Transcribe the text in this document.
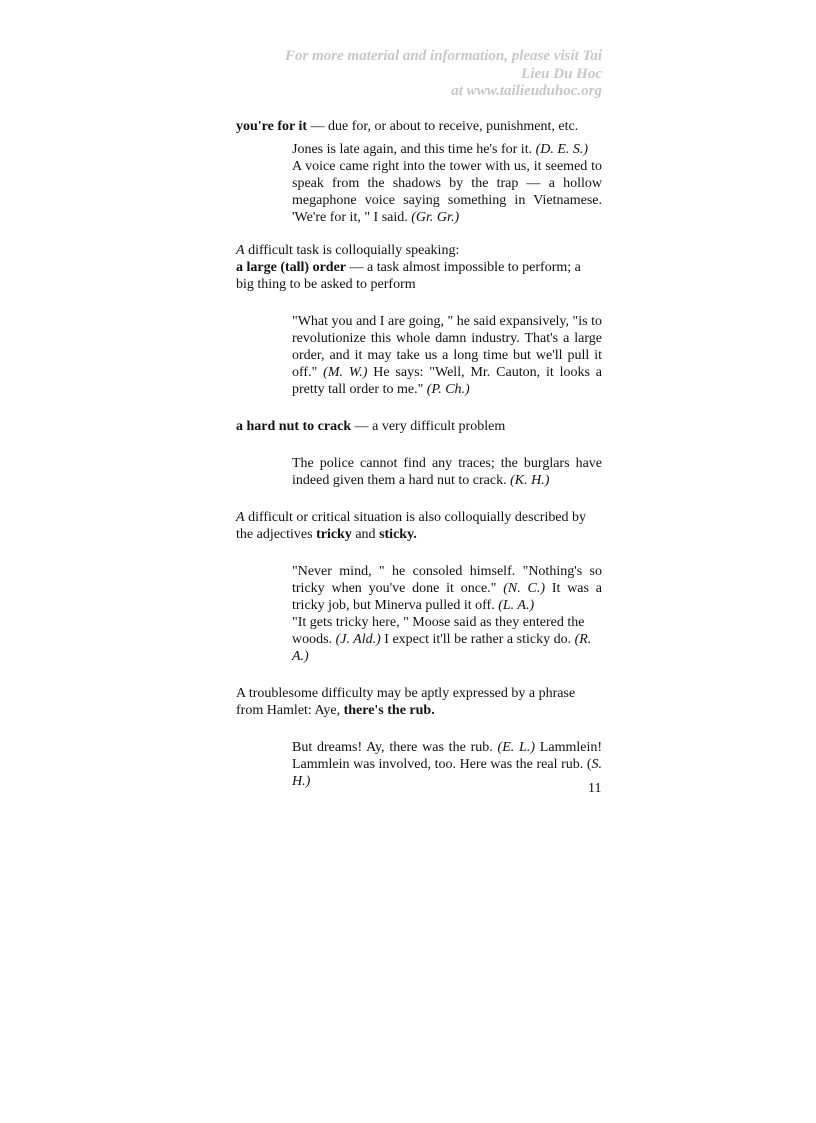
For more material and information, please visit Tai
Lieu Du Hoc
at www.tailieuduhoc.org

you're for it — due for, or about to receive, punishment, etc.

Jones is late again, and this time he's for it. (D. E. S.)

A voice came right into the tower with us, it seemed to speak from the shadows by the trap — a hollow megaphone voice saying something in Vietnamese. 'We're for it, " I said. (Gr. Gr.)

A difficult task is colloquially speaking:

a large (tall) order — a task almost impossible to perform; a big thing to be asked to perform

"What you and I are going, " he said expansively, "is to revolutionize this whole damn industry. That's a large order, and it may take us a long time but we'll pull it off." (M. W.) He says: "Well, Mr. Cauton, it looks a pretty tall order to me." (P. Ch.)

a hard nut to crack — a very difficult problem

The police cannot find any traces; the burglars have indeed given them a hard nut to crack. (K. H.)

A difficult or critical situation is also colloquially described by the adjectives tricky and sticky.

"Never mind, " he consoled himself. "Nothing's so tricky when you've done it once." (N. C.) It was a tricky job, but Minerva pulled it off. (L. A.)

"It gets tricky here, " Moose said as they entered the woods. (J. Ald.) I expect it'll be rather a sticky do. (R. A.)

A troublesome difficulty may be aptly expressed by a phrase from Hamlet: Aye, there's the rub.

But dreams! Ay, there was the rub. (E. L.) Lammlein! Lammlein was involved, too. Here was the real rub. (S. H.)	11
